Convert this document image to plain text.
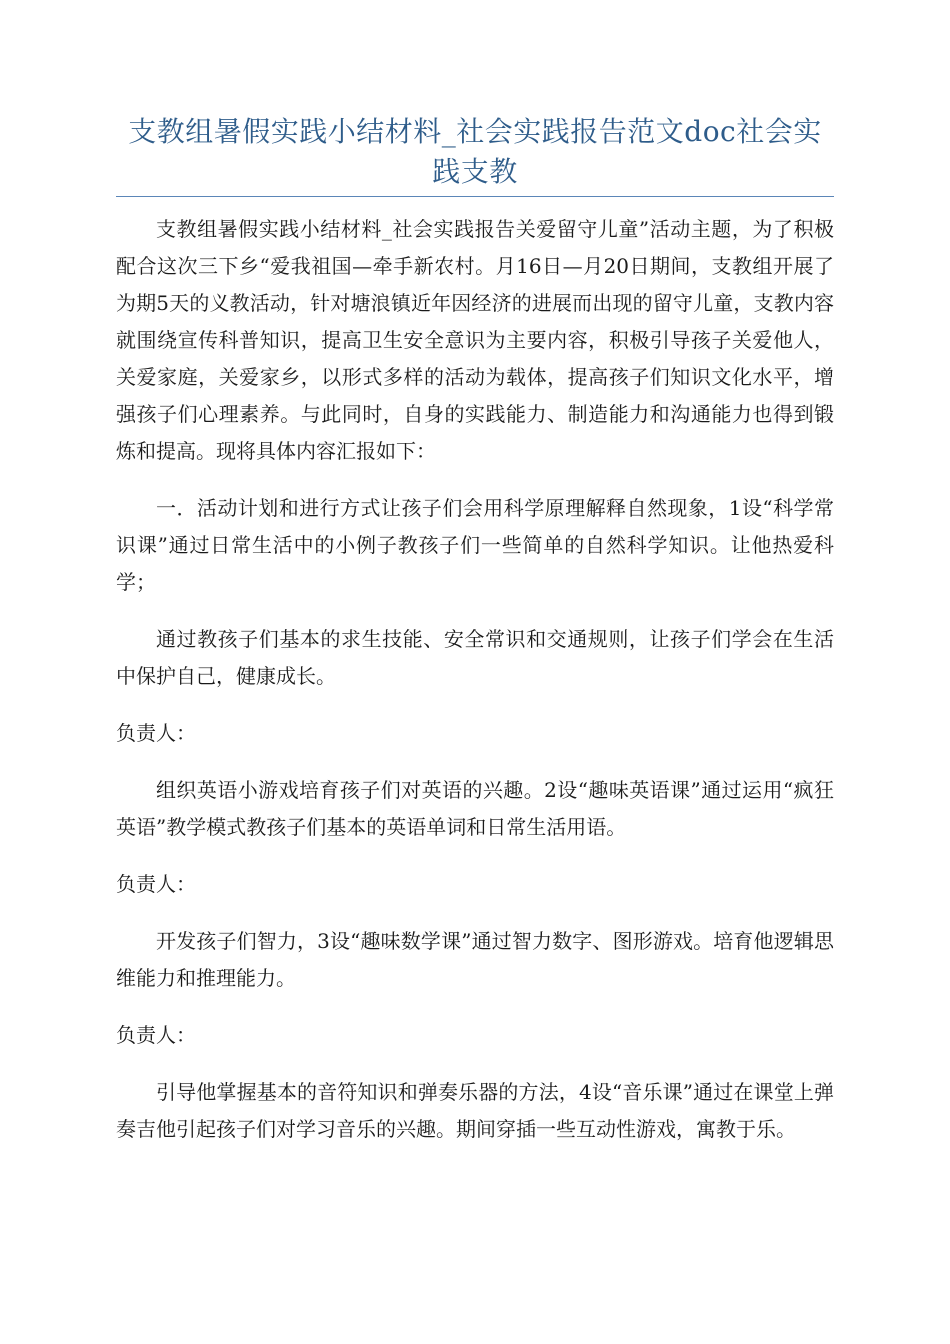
支教组暑假实践小结材料_社会实践报告范文doc社会实践支教

支教组暑假实践小结材料_社会实践报告关爱留守儿童”活动主题，为了积极配合这次三下乡“爱我祖国—牵手新农村。月16日—月20日期间，支教组开展了为期5天的义教活动，针对塘浪镇近年因经济的进展而出现的留守儿童，支教内容就围绕宣传科普知识，提高卫生安全意识为主要内容，积极引导孩子关爱他人，关爱家庭，关爱家乡，以形式多样的活动为载体，提高孩子们知识文化水平，增强孩子们心理素养。与此同时，自身的实践能力、制造能力和沟通能力也得到锻炼和提高。现将具体内容汇报如下：

一．活动计划和进行方式让孩子们会用科学原理解释自然现象，1设“科学常识课”通过日常生活中的小例子教孩子们一些简单的自然科学知识。让他热爱科学；

通过教孩子们基本的求生技能、安全常识和交通规则，让孩子们学会在生活中保护自己，健康成长。

负责人：

组织英语小游戏培育孩子们对英语的兴趣。2设“趣味英语课”通过运用“疯狂英语”教学模式教孩子们基本的英语单词和日常生活用语。

负责人：

开发孩子们智力，3设“趣味数学课”通过智力数字、图形游戏。培育他逻辑思维能力和推理能力。

负责人：

引导他掌握基本的音符知识和弹奏乐器的方法，4设“音乐课”通过在课堂上弹奏吉他引起孩子们对学习音乐的兴趣。期间穿插一些互动性游戏，寓教于乐。
